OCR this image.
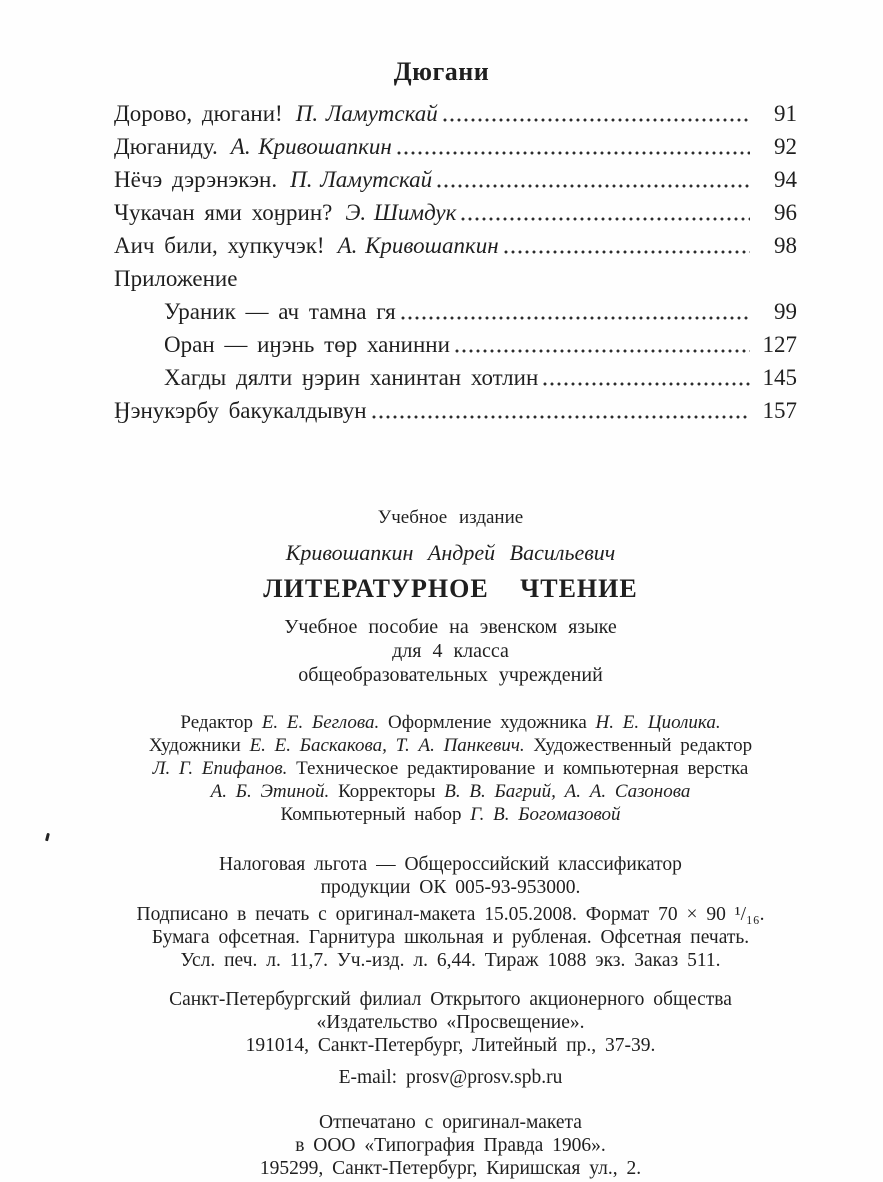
Дюгани
Дорово, дюгани! П. Ламутскай	91
Дюганиду. А. Кривошапкин	92
Нёчэ дэрэнэкэн. П. Ламутскай	94
Чукачан ями хоӈрин? Э. Шимдук	96
Аич били, хупкучэк! А. Кривошапкин	98
Приложение
Ураник — ач тамна гя	99
Оран — иӈэнь төр ханинни	127
Хагды дялти ӈэрин ханинтан хотлин	145
Ӈэнукэрбу бакукалдывун	157
Учебное издание
Кривошапкин Андрей Васильевич
ЛИТЕРАТУРНОЕ ЧТЕНИЕ
Учебное пособие на эвенском языке
для 4 класса
общеобразовательных учреждений
Редактор Е. Е. Беглова. Оформление художника Н. Е. Циолика.
Художники Е. Е. Баскакова, Т. А. Панкевич. Художественный редактор
Л. Г. Епифанов. Техническое редактирование и компьютерная верстка
А. Б. Этиной. Корректоры В. В. Багрий, А. А. Сазонова
Компьютерный набор Г. В. Богомазовой
Налоговая льгота — Общероссийский классификатор
продукции ОК 005-93-953000.
Подписано в печать с оригинал-макета 15.05.2008. Формат 70 × 90 ¹/₁₆.
Бумага офсетная. Гарнитура школьная и рубленая. Офсетная печать.
Усл. печ. л. 11,7. Уч.-изд. л. 6,44. Тираж 1088 экз. Заказ 511.
Санкт-Петербургский филиал Открытого акционерного общества
«Издательство «Просвещение».
191014, Санкт-Петербург, Литейный пр., 37-39.
E-mail: prosv@prosv.spb.ru
Отпечатано с оригинал-макета
в ООО «Типография Правда 1906».
195299, Санкт-Петербург, Киришская ул., 2.
